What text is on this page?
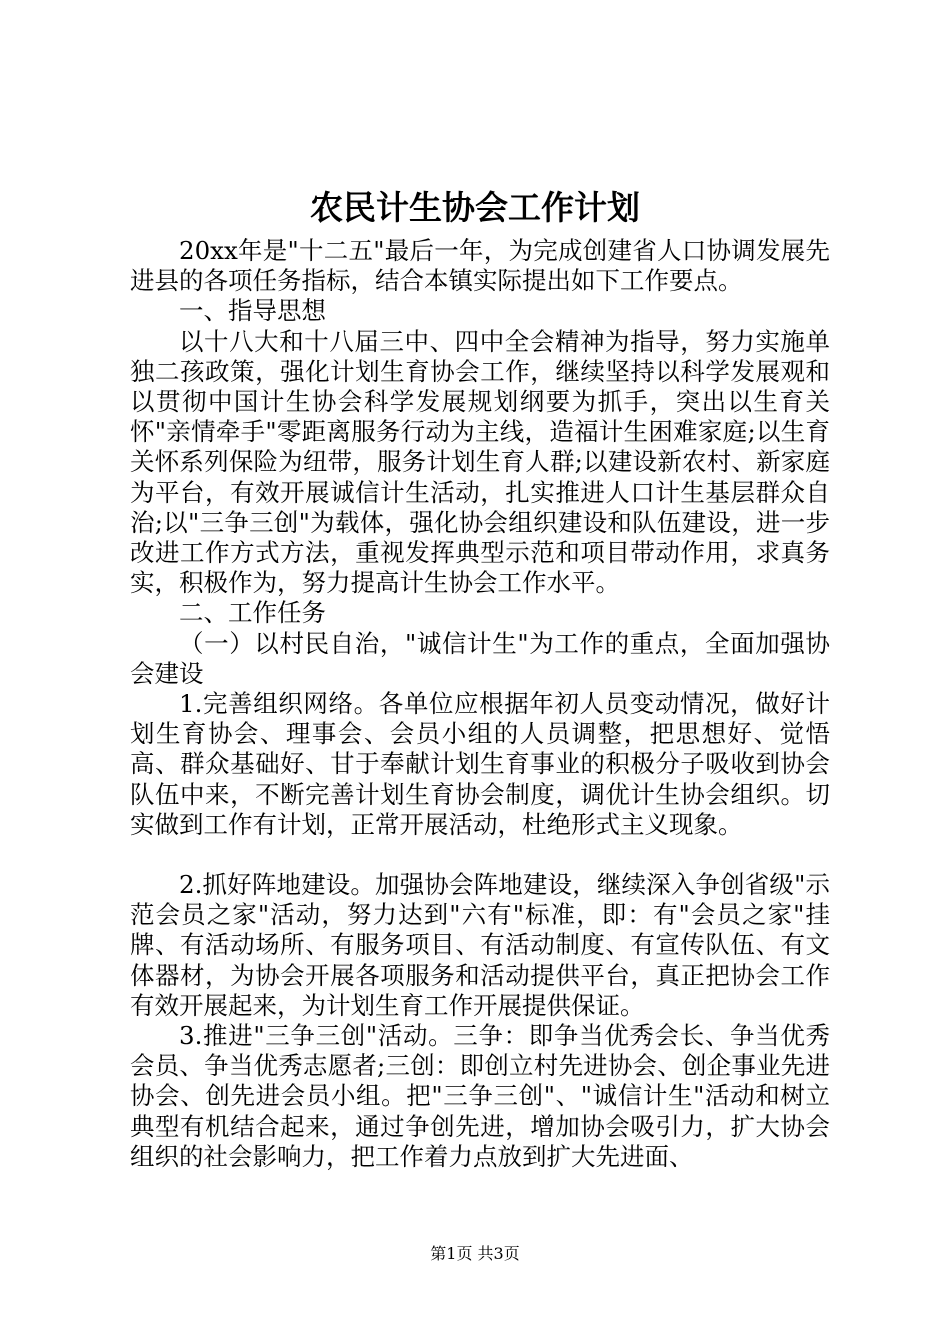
农民计生协会工作计划

20xx年是"十二五"最后一年，为完成创建省人口协调发展先进县的各项任务指标，结合本镇实际提出如下工作要点。

一、指导思想

以十八大和十八届三中、四中全会精神为指导，努力实施单独二孩政策，强化计划生育协会工作，继续坚持以科学发展观和以贯彻中国计生协会科学发展规划纲要为抓手，突出以生育关怀"亲情牵手"零距离服务行动为主线，造福计生困难家庭;以生育关怀系列保险为纽带，服务计划生育人群;以建设新农村、新家庭为平台，有效开展诚信计生活动，扎实推进人口计生基层群众自治;以"三争三创"为载体，强化协会组织建设和队伍建设，进一步改进工作方式方法，重视发挥典型示范和项目带动作用，求真务实，积极作为，努力提高计生协会工作水平。

二、工作任务

（一）以村民自治，"诚信计生"为工作的重点，全面加强协会建设

1.完善组织网络。各单位应根据年初人员变动情况，做好计划生育协会、理事会、会员小组的人员调整，把思想好、觉悟高、群众基础好、甘于奉献计划生育事业的积极分子吸收到协会队伍中来，不断完善计划生育协会制度，调优计生协会组织。切实做到工作有计划，正常开展活动，杜绝形式主义现象。

2.抓好阵地建设。加强协会阵地建设，继续深入争创省级"示范会员之家"活动，努力达到"六有"标准，即：有"会员之家"挂牌、有活动场所、有服务项目、有活动制度、有宣传队伍、有文体器材，为协会开展各项服务和活动提供平台，真正把协会工作有效开展起来，为计划生育工作开展提供保证。

3.推进"三争三创"活动。三争：即争当优秀会长、争当优秀会员、争当优秀志愿者;三创：即创立村先进协会、创企事业先进协会、创先进会员小组。把"三争三创"、"诚信计生"活动和树立典型有机结合起来，通过争创先进，增加协会吸引力，扩大协会组织的社会影响力，把工作着力点放到扩大先进面、

第1页 共3页
